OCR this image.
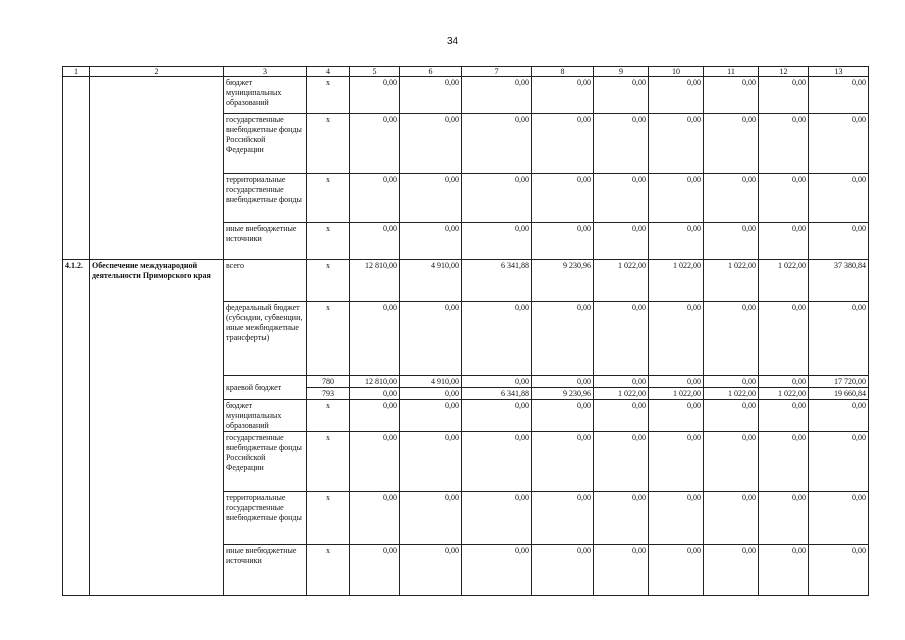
34
1	2	3	4	5	6	7	8	9	10	11	12	13
		бюджет муниципальных образований	x	0,00	0,00	0,00	0,00	0,00	0,00	0,00	0,00	0,00
		государственные внебюджетные фонды Российской Федерации	x	0,00	0,00	0,00	0,00	0,00	0,00	0,00	0,00	0,00
		территориальные государственные внебюджетные фонды	x	0,00	0,00	0,00	0,00	0,00	0,00	0,00	0,00	0,00
		иные внебюджетные источники	x	0,00	0,00	0,00	0,00	0,00	0,00	0,00	0,00	0,00
4.1.2.	Обеспечение международной деятельности Приморского края	всего	x	12 810,00	4 910,00	6 341,88	9 230,96	1 022,00	1 022,00	1 022,00	1 022,00	37 380,84
		федеральный бюджет (субсидии, субвенции, иные межбюджетные трансферты)	x	0,00	0,00	0,00	0,00	0,00	0,00	0,00	0,00	0,00
		краевой бюджет	780	12 810,00	4 910,00	0,00	0,00	0,00	0,00	0,00	0,00	17 720,00
			793	0,00	0,00	6 341,88	9 230,96	1 022,00	1 022,00	1 022,00	1 022,00	19 660,84
		бюджет муниципальных образований	x	0,00	0,00	0,00	0,00	0,00	0,00	0,00	0,00	0,00
		государственные внебюджетные фонды Российской Федерации	x	0,00	0,00	0,00	0,00	0,00	0,00	0,00	0,00	0,00
		территориальные государственные внебюджетные фонды	x	0,00	0,00	0,00	0,00	0,00	0,00	0,00	0,00	0,00
		иные внебюджетные источники	x	0,00	0,00	0,00	0,00	0,00	0,00	0,00	0,00	0,00
